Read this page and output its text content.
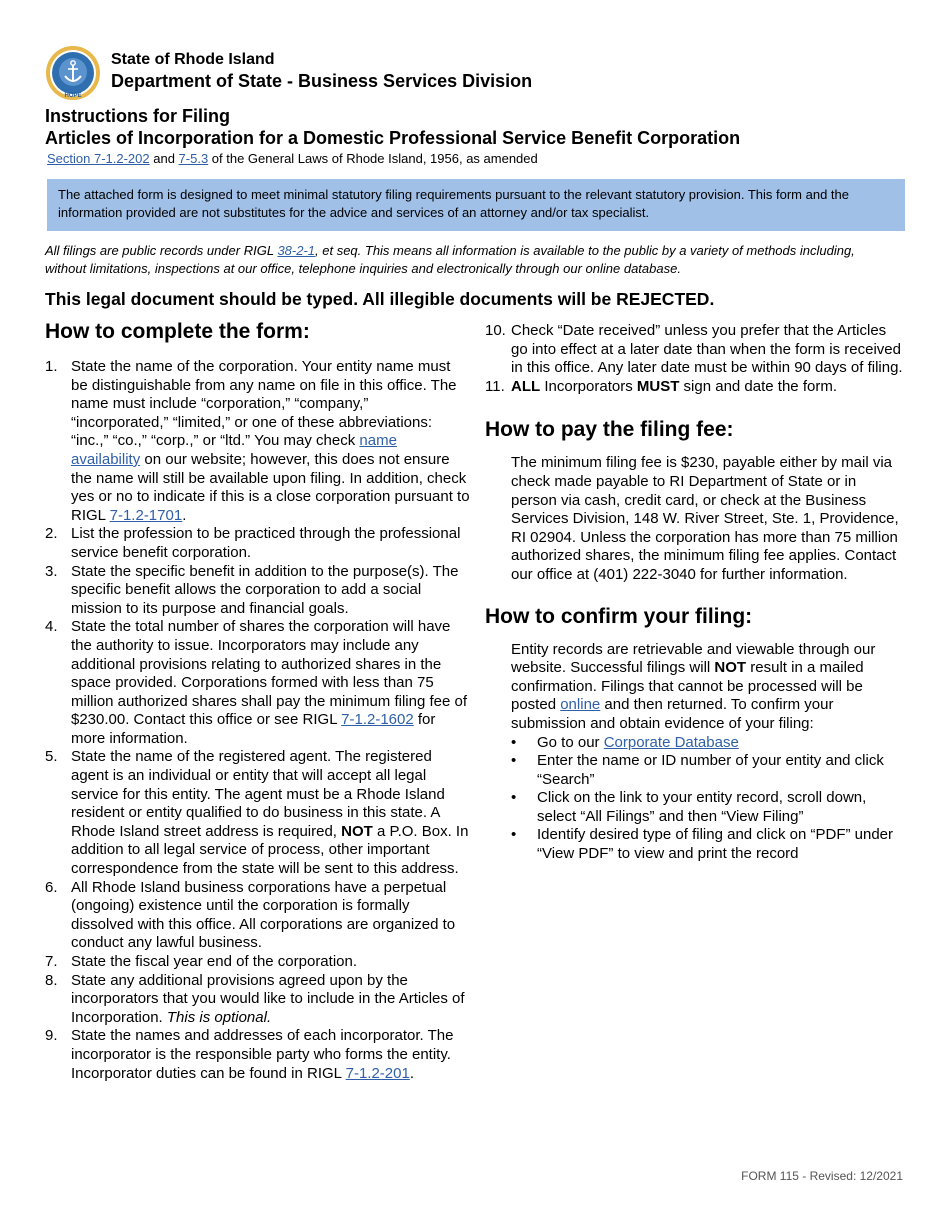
HOPE
State of Rhode Island
Department of State - Business Services Division
Instructions for Filing
Articles of Incorporation for a Domestic Professional Service Benefit Corporation
Section 7-1.2-202 and 7-5.3 of the General Laws of Rhode Island, 1956, as amended
The attached form is designed to meet minimal statutory filing requirements pursuant to the relevant statutory provision. This form and the information provided are not substitutes for the advice and services of an attorney and/or tax specialist.
All filings are public records under RIGL 38-2-1, et seq. This means all information is available to the public by a variety of methods including, without limitations, inspections at our office, telephone inquiries and electronically through our online database.
This legal document should be typed. All illegible documents will be REJECTED.
How to complete the form:
1. State the name of the corporation. Your entity name must be distinguishable from any name on file in this office. The name must include “corporation,” “company,” “incorporated,” “limited,” or one of these abbreviations: “inc.,” “co.,” “corp.,” or “ltd.” You may check name availability on our website; however, this does not ensure the name will still be available upon filing. In addition, check yes or no to indicate if this is a close corporation pursuant to RIGL 7-1.2-1701.
2. List the profession to be practiced through the professional service benefit corporation.
3. State the specific benefit in addition to the purpose(s). The specific benefit allows the corporation to add a social mission to its purpose and financial goals.
4. State the total number of shares the corporation will have the authority to issue. Incorporators may include any additional provisions relating to authorized shares in the space provided. Corporations formed with less than 75 million authorized shares shall pay the minimum filing fee of $230.00. Contact this office or see RIGL 7-1.2-1602 for more information.
5. State the name of the registered agent. The registered agent is an individual or entity that will accept all legal service for this entity. The agent must be a Rhode Island resident or entity qualified to do business in this state. A Rhode Island street address is required, NOT a P.O. Box. In addition to all legal service of process, other important correspondence from the state will be sent to this address.
6. All Rhode Island business corporations have a perpetual (ongoing) existence until the corporation is formally dissolved with this office. All corporations are organized to conduct any lawful business.
7. State the fiscal year end of the corporation.
8. State any additional provisions agreed upon by the incorporators that you would like to include in the Articles of Incorporation. This is optional.
9. State the names and addresses of each incorporator. The incorporator is the responsible party who forms the entity. Incorporator duties can be found in RIGL 7-1.2-201.
10. Check “Date received” unless you prefer that the Articles go into effect at a later date than when the form is received in this office. Any later date must be within 90 days of filing.
11. ALL Incorporators MUST sign and date the form.
How to pay the filing fee:

The minimum filing fee is $230, payable either by mail via check made payable to RI Department of State or in person via cash, credit card, or check at the Business Services Division, 148 W. River Street, Ste. 1, Providence, RI 02904. Unless the corporation has more than 75 million authorized shares, the minimum filing fee applies. Contact our office at (401) 222-3040 for further information.

How to confirm your filing:

Entity records are retrievable and viewable through our website. Successful filings will NOT result in a mailed confirmation. Filings that cannot be processed will be posted online and then returned. To confirm your submission and obtain evidence of your filing:

• Go to our Corporate Database
• Enter the name or ID number of your entity and click “Search”
• Click on the link to your entity record, scroll down, select “All Filings” and then “View Filing”
• Identify desired type of filing and click on “PDF” under “View PDF” to view and print the record
FORM 115 - Revised: 12/2021
